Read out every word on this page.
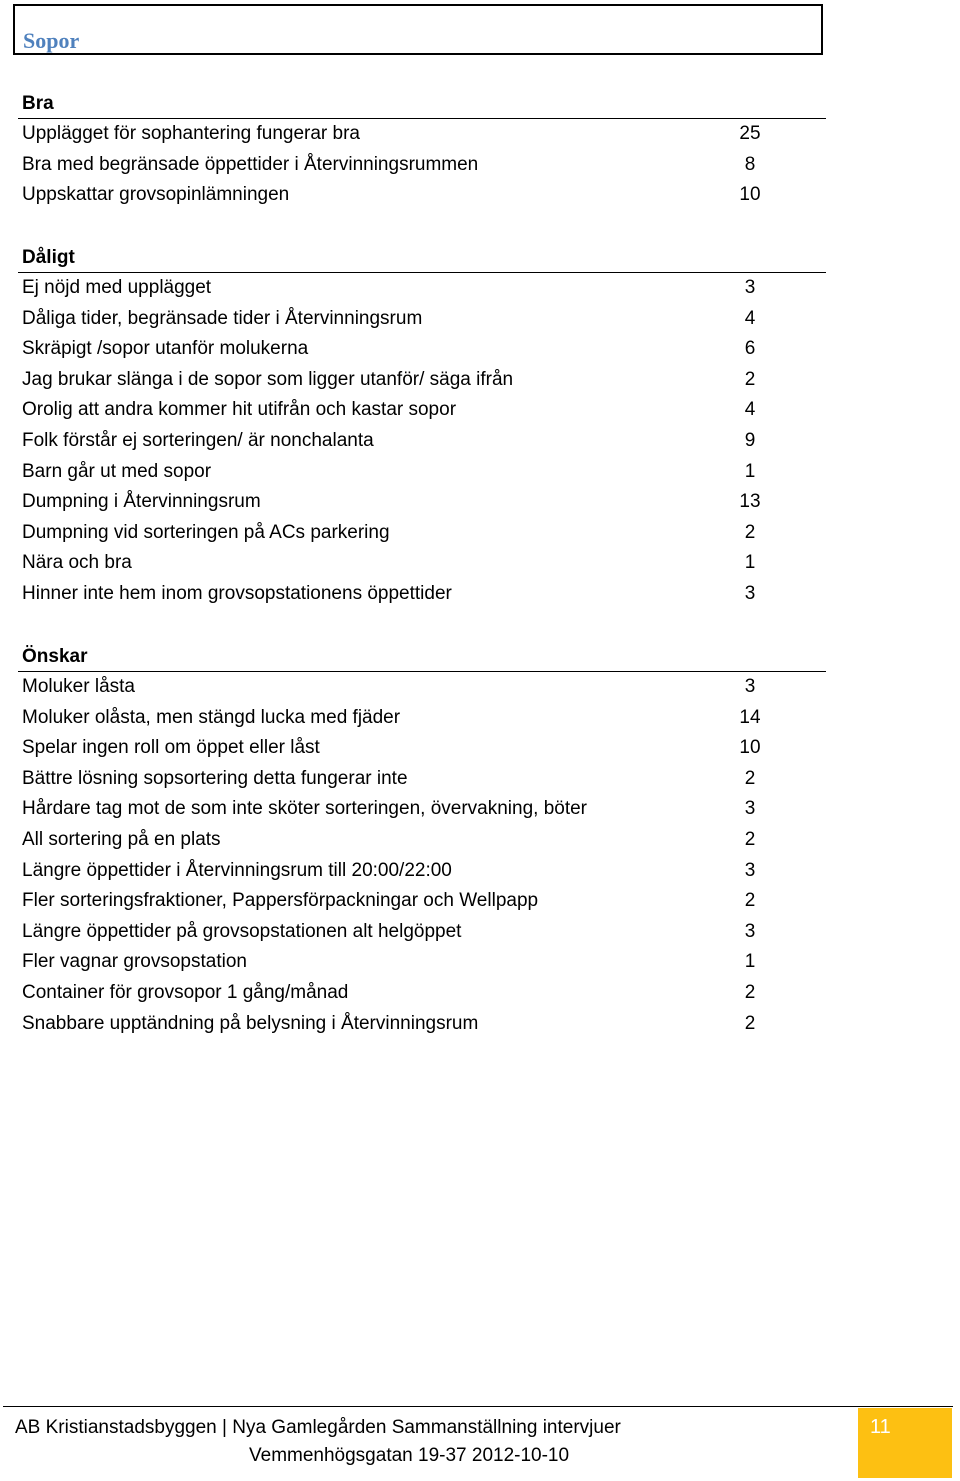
Sopor
Bra
Upplägget för sophantering fungerar bra	25
Bra med begränsade öppettider i Återvinningsrummen	8
Uppskattar grovsopinlämningen	10
Dåligt
Ej nöjd med upplägget	3
Dåliga tider, begränsade tider i Återvinningsrum	4
Skräpigt /sopor utanför molukerna	6
Jag brukar slänga i de sopor som ligger utanför/ säga ifrån	2
Orolig att andra kommer hit utifrån och kastar sopor	4
Folk förstår ej sorteringen/ är nonchalanta	9
Barn går ut med sopor	1
Dumpning i Återvinningsrum	13
Dumpning vid sorteringen på ACs parkering	2
Nära och bra	1
Hinner inte hem inom grovsopstationens öppettider	3
Önskar
Moluker låsta	3
Moluker olåsta, men stängd lucka med fjäder	14
Spelar ingen roll om öppet eller låst	10
Bättre lösning sopsortering detta fungerar inte	2
Hårdare tag mot de som inte sköter sorteringen, övervakning, böter	3
All sortering på en plats	2
Längre öppettider i Återvinningsrum till 20:00/22:00	3
Fler sorteringsfraktioner, Pappersförpackningar och Wellpapp	2
Längre öppettider på grovsopstationen alt helgöppet	3
Fler vagnar grovsopstation	1
Container för grovsopor 1 gång/månad	2
Snabbare upptändning på belysning i Återvinningsrum	2
AB Kristianstadsbyggen | Nya Gamlegården Sammanställning intervjuer
Vemmenhögsgatan 19-37 2012-10-10
11
